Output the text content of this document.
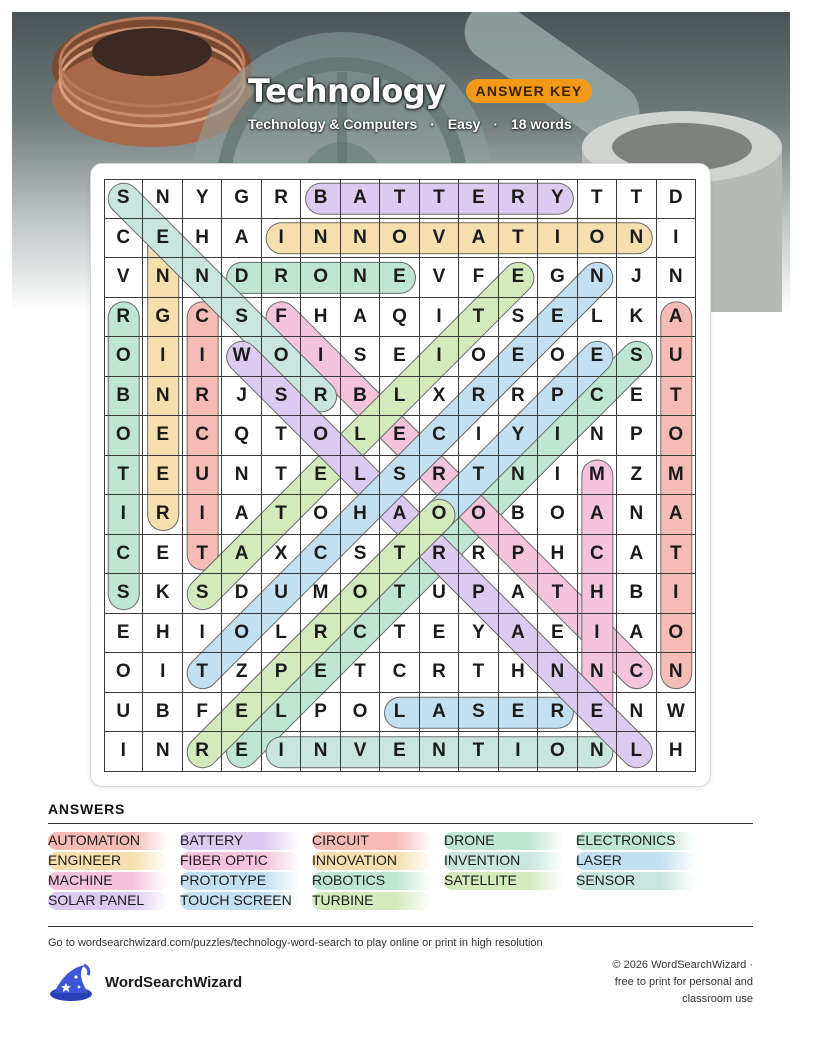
Technology	ANSWER KEY
Technology & Computers · Easy · 18 words
S	N	Y	G	R	B	A	T	T	E	R	Y	T	T	D
C	E	H	A	I	N	N	O	V	A	T	I	O	N	I
V	N	N	D	R	O	N	E	V	F	E	G	N	J	N
R	G	C	S	F	H	A	Q	I	T	S	E	L	K	A
O	I	I	W	O	I	S	E	I	O	E	O	E	S	U
B	N	R	J	S	R	B	L	X	R	R	P	C	E	T
O	E	C	Q	T	O	L	E	C	I	Y	I	N	P	O
T	E	U	N	T	E	L	S	R	T	N	I	M	Z	M
I	R	I	A	T	O	H	A	O	O	B	O	A	N	A
C	E	T	A	X	C	S	T	R	R	P	H	C	A	T
S	K	S	D	U	M	O	T	U	P	A	T	H	B	I
E	H	I	O	L	R	C	T	E	Y	A	E	I	A	O
O	I	T	Z	P	E	T	C	R	T	H	N	N	C	N
U	B	F	E	L	P	O	L	A	S	E	R	E	N	W
I	N	R	E	I	N	V	E	N	T	I	O	N	L	H
ANSWERS
AUTOMATION	BATTERY	CIRCUIT	DRONE	ELECTRONICS
ENGINEER	FIBER OPTIC	INNOVATION	INVENTION	LASER
MACHINE	PROTOTYPE	ROBOTICS	SATELLITE	SENSOR
SOLAR PANEL	TOUCH SCREEN	TURBINE
Go to wordsearchwizard.com/puzzles/technology-word-search to play online or print in high resolution
WordSearchWizard
© 2026 WordSearchWizard ·
free to print for personal and
classroom use
